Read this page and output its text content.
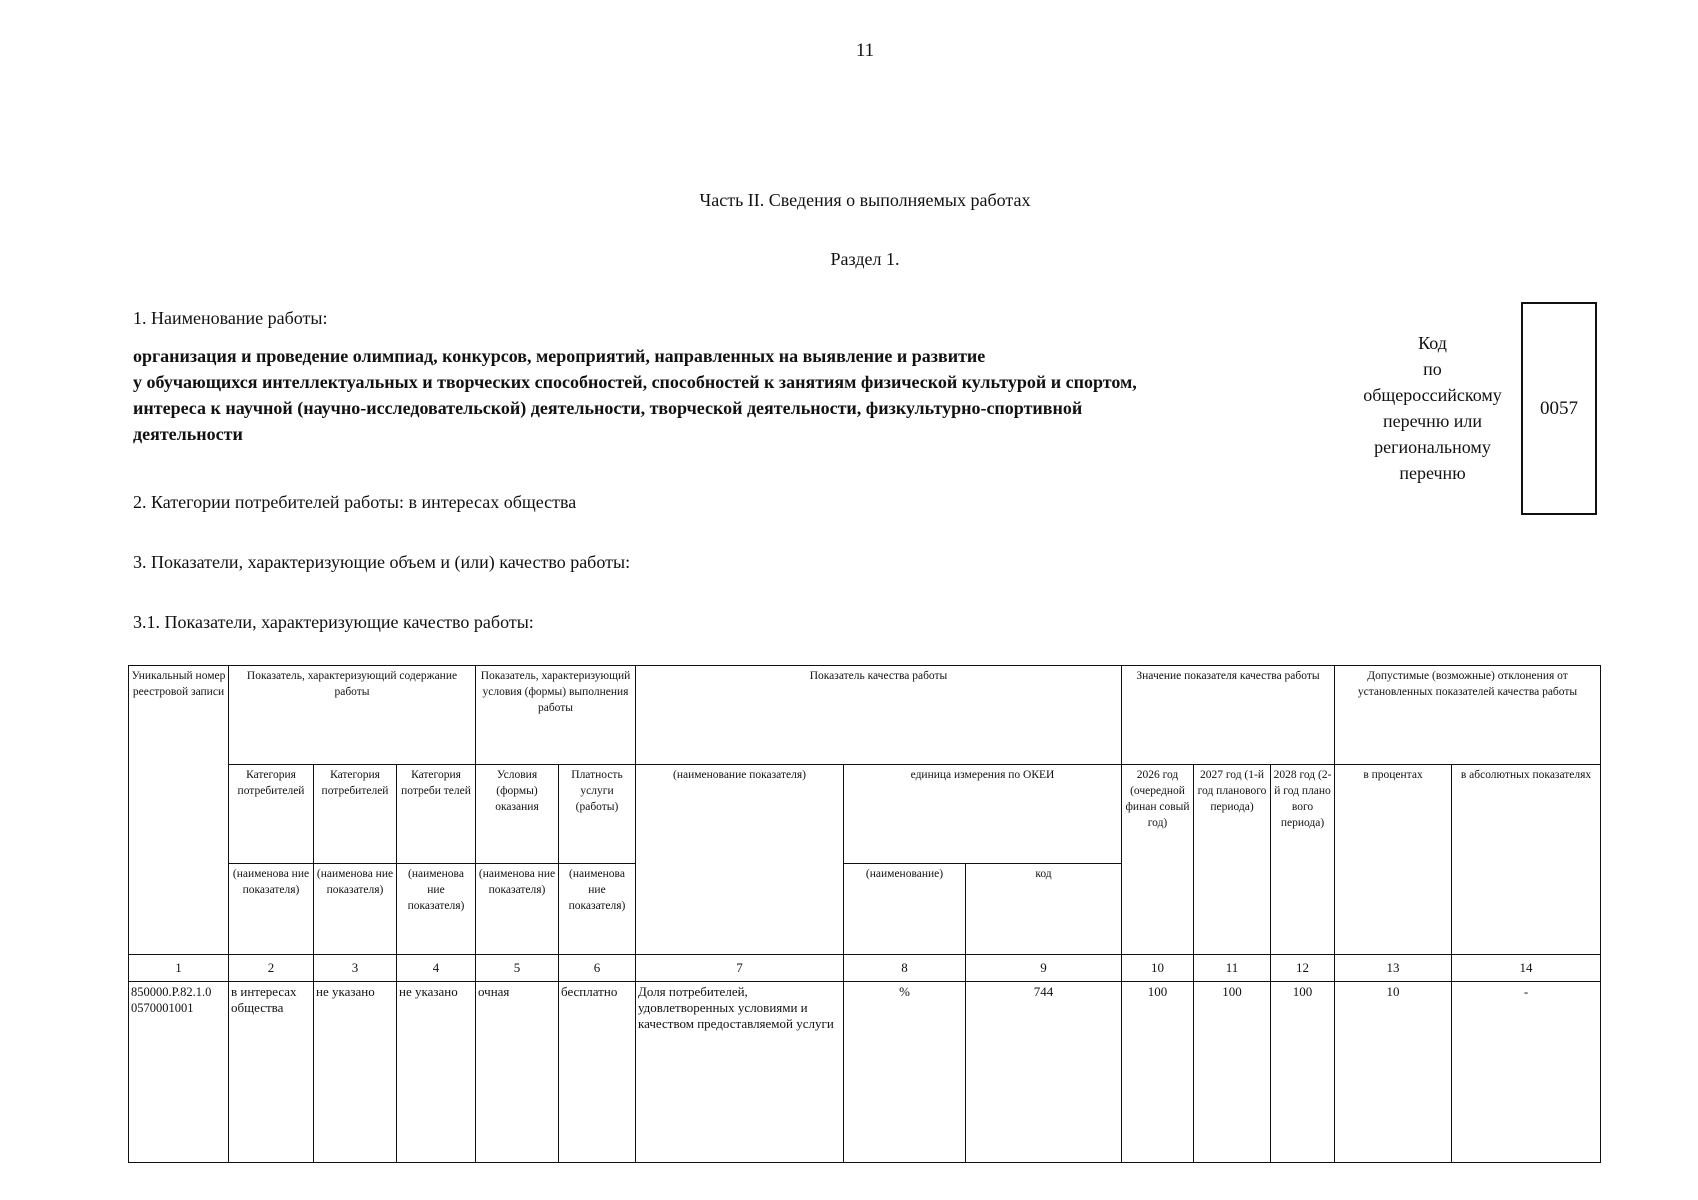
11
Часть II. Сведения о выполняемых работах
Раздел 1.
1. Наименование работы:
организация и проведение олимпиад, конкурсов, мероприятий, направленных на выявление и развитие
у обучающихся интеллектуальных и творческих способностей, способностей к занятиям физической культурой и спортом,
интереса к научной (научно-исследовательской) деятельности, творческой деятельности, физкультурно-спортивной
деятельности
Код
по
общероссийскому
перечню или
региональному
перечню
0057
2. Категории потребителей работы: в интересах общества
3. Показатели, характеризующие объем и (или) качество работы:
3.1. Показатели, характеризующие качество работы:
Уникальный номер реестровой записи	Показатель, характеризующий содержание работы			Показатель, характеризующий условия (формы) выполнения работы		Показатель качества работы			Значение показателя качества работы			Допустимые (возможные) отклонения от установленных показателей качества работы	
	Категория потребителей	Категория потребителей	Категория потреби телей	Условия (формы) оказания	Платность услуги (работы)	(наименование показателя)	единица измерения по ОКЕИ		2026 год (очередной финан совый год)	2027 год (1-й год планового периода)	2028 год (2-й год плано вого периода)	в процентах	в абсолютных показателях
	(наименова ние показателя)	(наименова ние показателя)	(наименова ние показателя)	(наименова ние показателя)	(наименова ние показателя)		(наименование)	код					
1	2	3	4	5	6	7	8	9	10	11	12	13	14
850000.Р.82.1.0 0570001001	в интересах общества	не указано	не указано	очная	бесплатно	Доля потребителей, удовлетворенных условиями и качеством предоставляемой услуги	%	744	100	100	100	10	-
